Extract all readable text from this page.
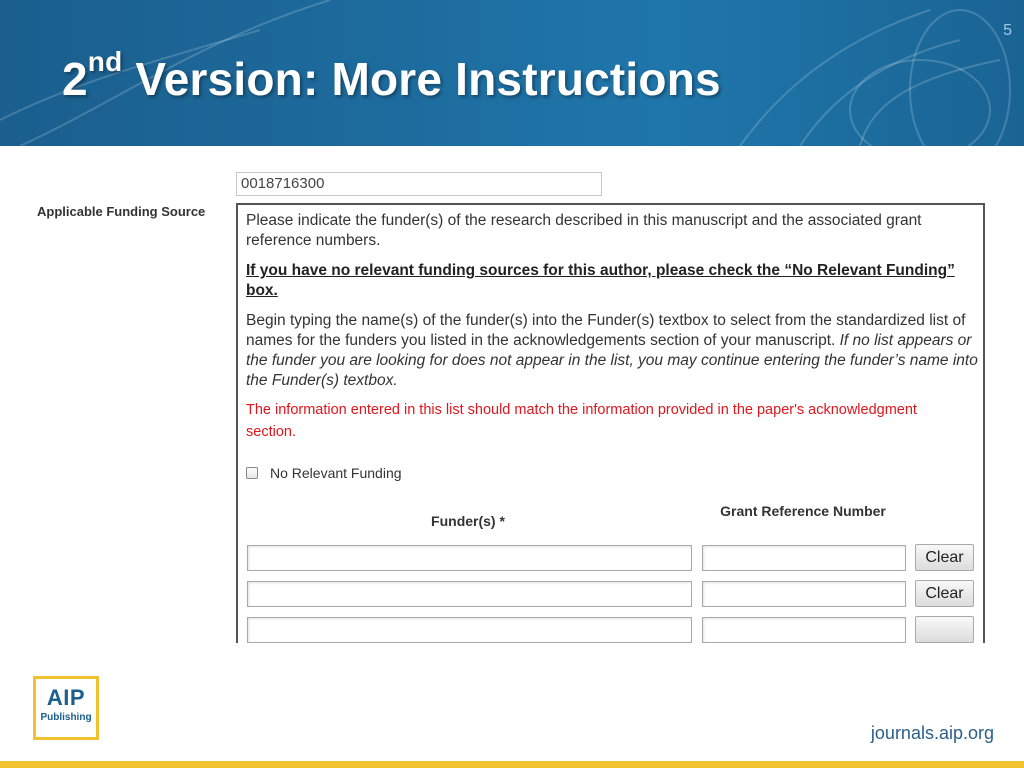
2nd Version: More Instructions
5
0018716300
Applicable Funding Source

Please indicate the funder(s) of the research described in this manuscript and the associated grant reference numbers.

If you have no relevant funding sources for this author, please check the “No Relevant Funding” box.

Begin typing the name(s) of the funder(s) into the Funder(s) textbox to select from the standardized list of names for the funders you listed in the acknowledgements section of your manuscript. If no list appears or the funder you are looking for does not appear in the list, you may continue entering the funder’s name into the Funder(s) textbox.

The information entered in this list should match the information provided in the paper's acknowledgment section.

No Relevant Funding
Funder(s) *
Grant Reference Number
Clear
Clear
AIP
Publishing
journals.aip.org
